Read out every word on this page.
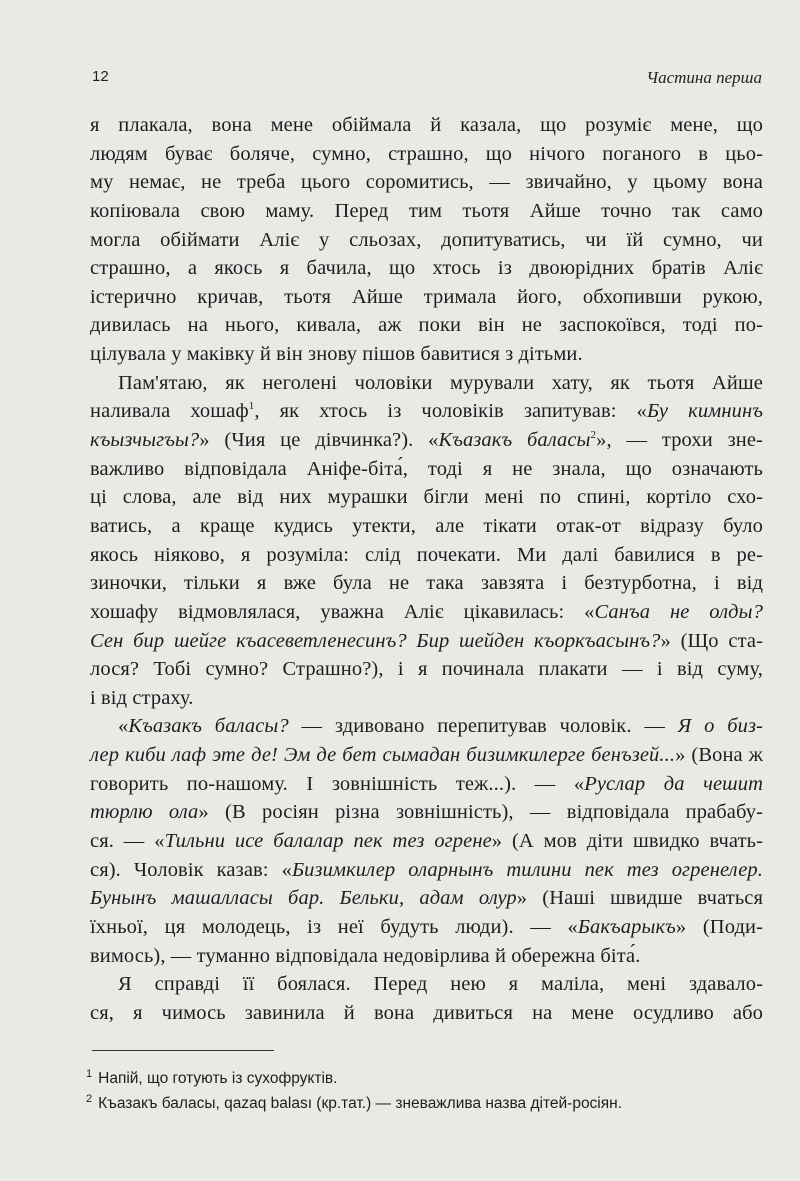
12	Частина перша
я плакала, вона мене обіймала й казала, що розуміє мене, що
людям буває боляче, сумно, страшно, що нічого поганого в цьо-
му немає, не треба цього соромитись, — звичайно, у цьому вона
копіювала свою маму. Перед тим тьотя Айше точно так само
могла обіймати Аліє у сльозах, допитуватись, чи їй сумно, чи
страшно, а якось я бачила, що хтось із двоюрідних братів Аліє
істерично кричав, тьотя Айше тримала його, обхопивши рукою,
дивилась на нього, кивала, аж поки він не заспокоївся, тоді по-
цілувала у маківку й він знову пішов бавитися з дітьми.
Пам'ятаю, як неголені чоловіки мурували хату, як тьотя Айше
наливала хошаф$^1$, як хтось із чоловіків запитував: «Бу кимнинъ
къызчыгъы?» (Чия це дівчинка?). «Къазакъ баласы$^2$», — трохи зне-
важливо відповідала Аніфе-біта́, тоді я не знала, що означають
ці слова, але від них мурашки бігли мені по спині, кортіло схо-
ватись, а краще кудись утекти, але тікати отак-от відразу було
якось ніяково, я розуміла: слід почекати. Ми далі бавилися в ре-
зиночки, тільки я вже була не така завзята і безтурботна, і від
хошафу відмовлялася, уважна Аліє цікавилась: «Санъа не олды?
Сен бир шейге къасеветленесинъ? Бир шейден къоркъасынъ?» (Що ста-
лося? Тобі сумно? Страшно?), і я починала плакати — і від суму,
і від страху.
«Къазакъ баласы? — здивовано перепитував чоловік. — Я о биз-
лер киби лаф эте де! Эм де бет сымадан бизимкилерге бенъзей...» (Вона ж
говорить по-нашому. І зовнішність теж...). — «Руслар да чешит
тюрлю ола» (В росіян різна зовнішність), — відповідала прабабу-
ся. — «Тильни исе балалар пек тез огрене» (А мов діти швидко вчать-
ся). Чоловік казав: «Бизимкилер оларнынъ тилини пек тез огренелер.
Бунынъ машалласы бар. Бельки, адам олур» (Наші швидше вчаться
їхньої, ця молодець, із неї будуть люди). — «Бакъарыкъ» (Поди-
вимось), — туманно відповідала недовірлива й обережна біта́.
Я справді її боялася. Перед нею я маліла, мені здавало-
ся, я чимось завинила й вона дивиться на мене осудливо або
$^1$ Напій, що готують із сухофруктів.
$^2$ Къазакъ баласы, qazaq balası (кр.тат.) — зневажлива назва дітей-росіян.
